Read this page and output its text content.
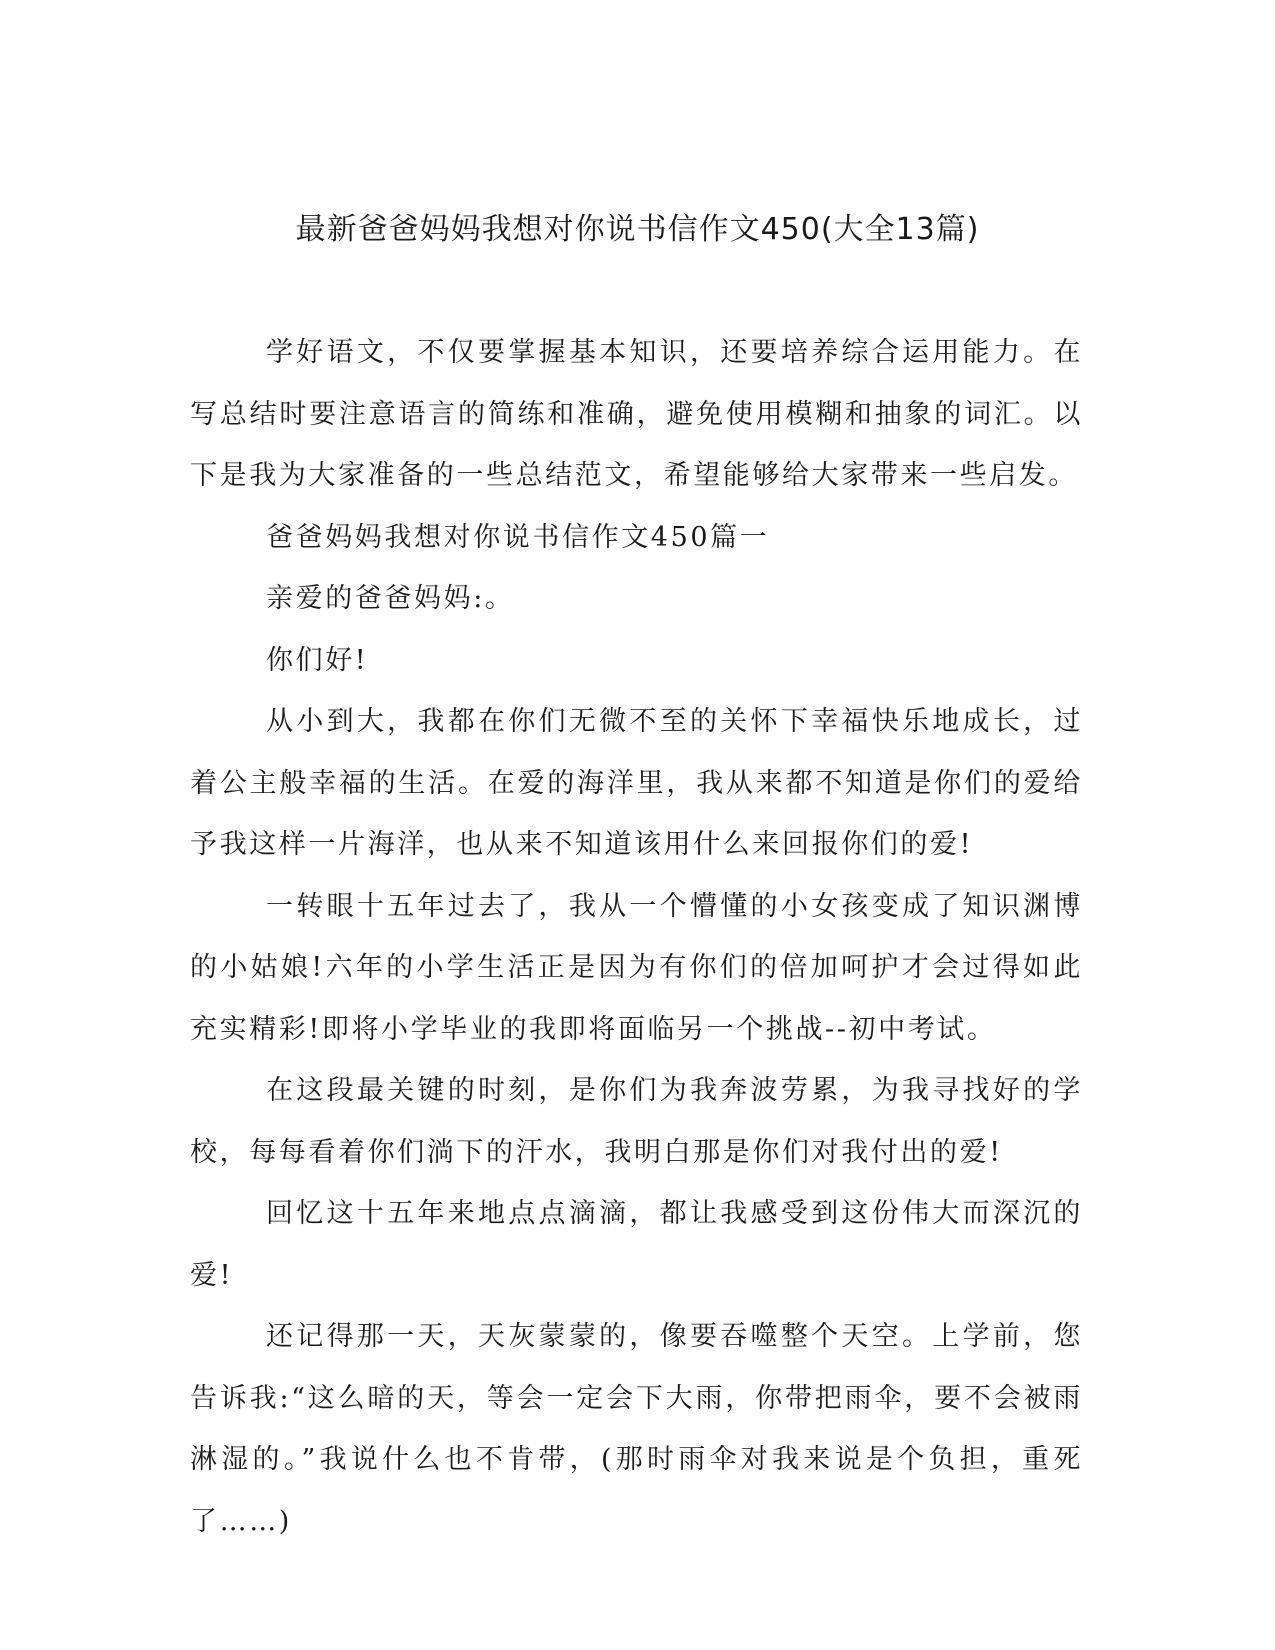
最新爸爸妈妈我想对你说书信作文450(大全13篇)

学好语文，不仅要掌握基本知识，还要培养综合运用能力。在写总结时要注意语言的简练和准确，避免使用模糊和抽象的词汇。以下是我为大家准备的一些总结范文，希望能够给大家带来一些启发。

爸爸妈妈我想对你说书信作文450篇一

亲爱的爸爸妈妈:。

你们好!

从小到大，我都在你们无微不至的关怀下幸福快乐地成长，过着公主般幸福的生活。在爱的海洋里，我从来都不知道是你们的爱给予我这样一片海洋，也从来不知道该用什么来回报你们的爱!

一转眼十五年过去了，我从一个懵懂的小女孩变成了知识渊博的小姑娘!六年的小学生活正是因为有你们的倍加呵护才会过得如此充实精彩!即将小学毕业的我即将面临另一个挑战--初中考试。

在这段最关键的时刻，是你们为我奔波劳累，为我寻找好的学校，每每看着你们淌下的汗水，我明白那是你们对我付出的爱!

回忆这十五年来地点点滴滴，都让我感受到这份伟大而深沉的爱!

还记得那一天，天灰蒙蒙的，像要吞噬整个天空。上学前，您告诉我:“这么暗的天，等会一定会下大雨，你带把雨伞，要不会被雨淋湿的。”我说什么也不肯带，(那时雨伞对我来说是个负担，重死了……)
